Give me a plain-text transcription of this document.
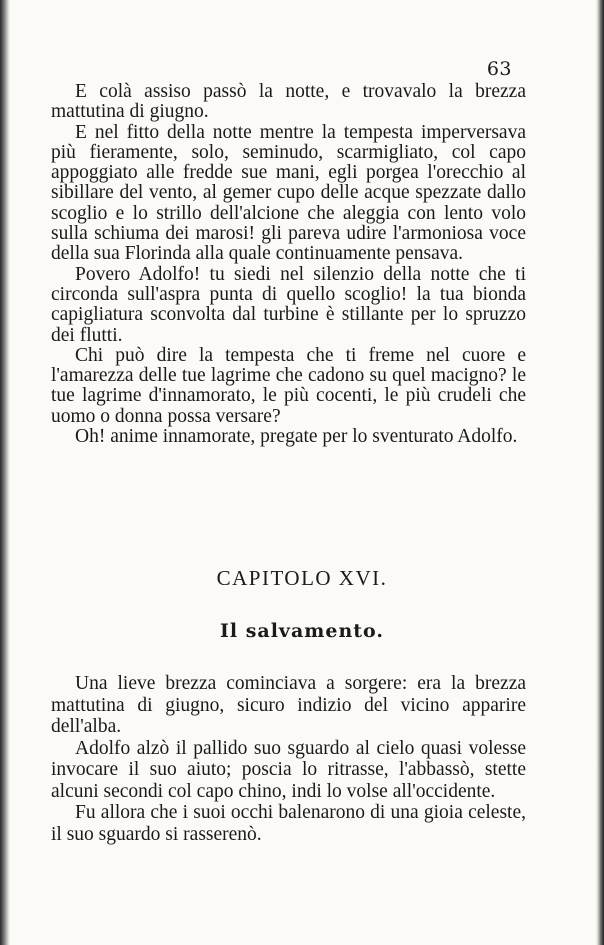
63

E colà assiso passò la notte, e trovavalo la brezza mattutina di giugno.

E nel fitto della notte mentre la tempesta imperversava più fieramente, solo, seminudo, scarmigliato, col capo appoggiato alle fredde sue mani, egli porgea l'orecchio al sibillare del vento, al gemer cupo delle acque spezzate dallo scoglio e lo strillo dell'alcione che aleggia con lento volo sulla schiuma dei marosi! gli pareva udire l'armoniosa voce della sua Florinda alla quale continuamente pensava.

Povero Adolfo! tu siedi nel silenzio della notte che ti circonda sull'aspra punta di quello scoglio! la tua bionda capigliatura sconvolta dal turbine è stillante per lo spruzzo dei flutti.

Chi può dire la tempesta che ti freme nel cuore e l'amarezza delle tue lagrime che cadono su quel macigno? le tue lagrime d'innamorato, le più cocenti, le più crudeli che uomo o donna possa versare?

Oh! anime innamorate, pregate per lo sventurato Adolfo.

CAPITOLO XVI.
Il salvamento.

Una lieve brezza cominciava a sorgere: era la brezza mattutina di giugno, sicuro indizio del vicino apparire dell'alba.

Adolfo alzò il pallido suo sguardo al cielo quasi volesse invocare il suo aiuto; poscia lo ritrasse, l'abbassò, stette alcuni secondi col capo chino, indi lo volse all'occidente.

Fu allora che i suoi occhi balenarono di una gioia celeste, il suo sguardo si rasserenò.
